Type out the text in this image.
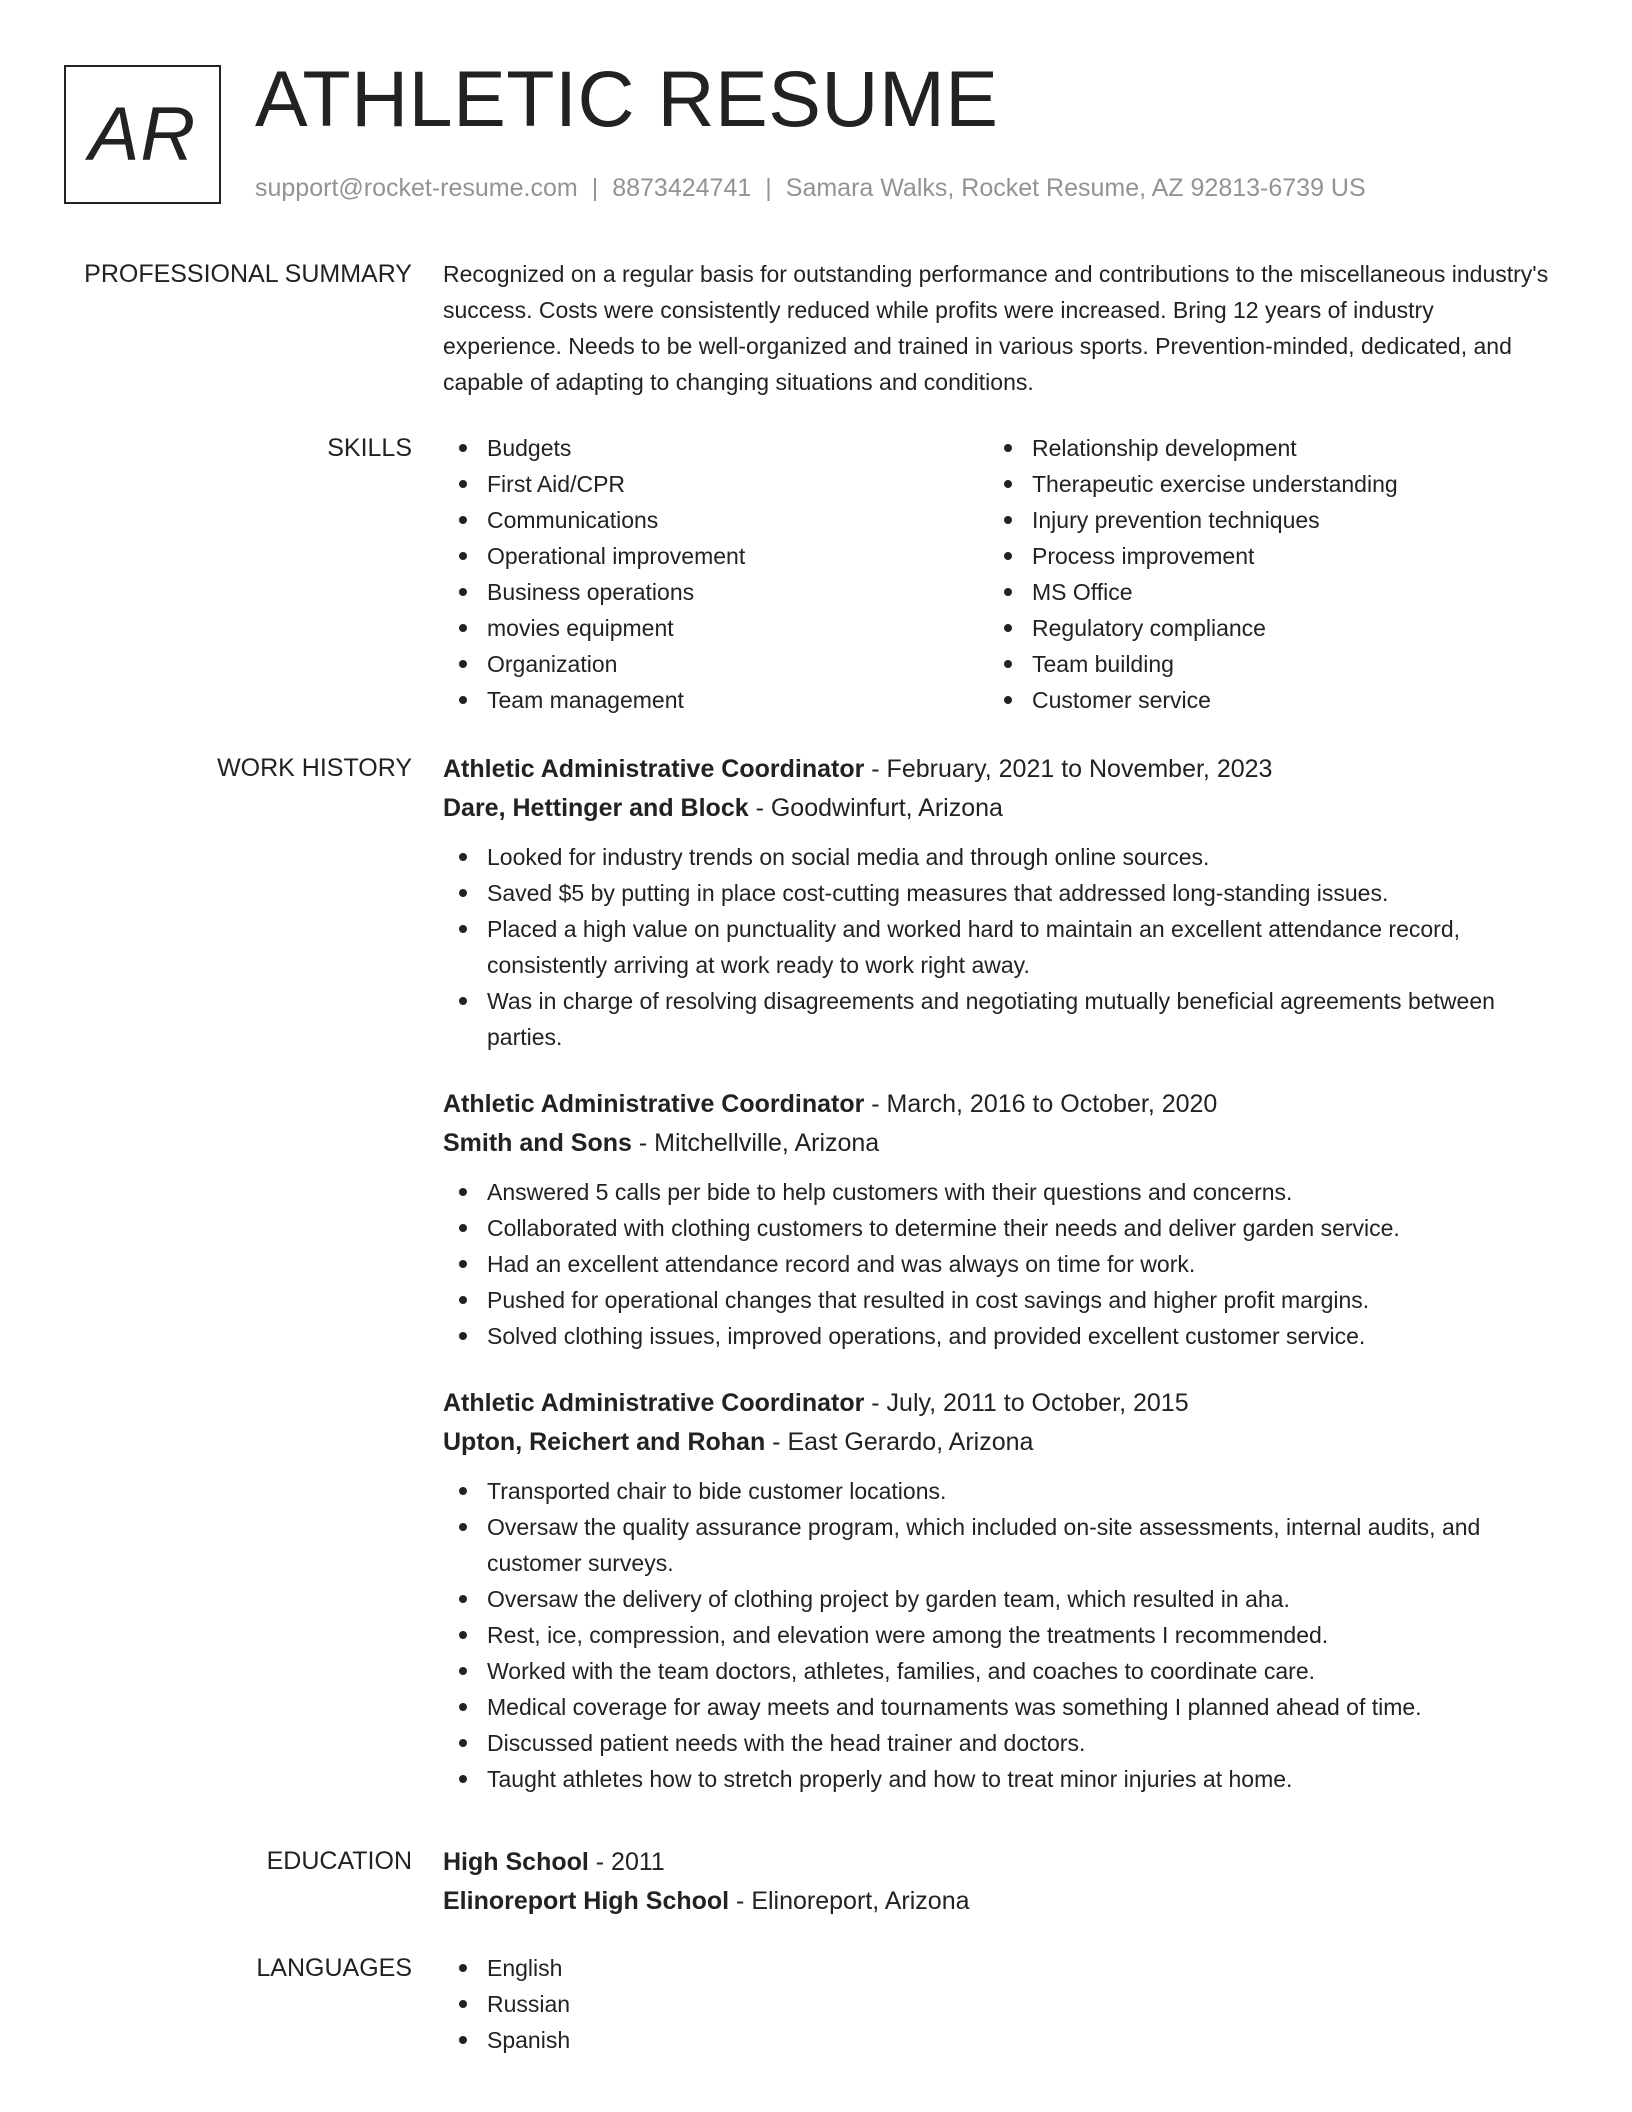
AR ATHLETIC RESUME
support@rocket-resume.com | 8873424741 | Samara Walks, Rocket Resume, AZ 92813-6739 US
PROFESSIONAL SUMMARY Recognized on a regular basis for outstanding performance and contributions to the miscellaneous industry's success. Costs were consistently reduced while profits were increased. Bring 12 years of industry experience. Needs to be well-organized and trained in various sports. Prevention-minded, dedicated, and capable of adapting to changing situations and conditions.

SKILLS	Budgets
First Aid/CPR
Communications
Operational improvement
Business operations
movies equipment
Organization
Team management
Relationship development
Therapeutic exercise understanding
Injury prevention techniques
Process improvement
MS Office
Regulatory compliance
Team building
Customer service
WORK HISTORY Athletic Administrative Coordinator - February, 2021 to November, 2023
Dare, Hettinger and Block - Goodwinfurt, Arizona
Looked for industry trends on social media and through online sources.
Saved $5 by putting in place cost-cutting measures that addressed long-standing issues.
Placed a high value on punctuality and worked hard to maintain an excellent attendance record, consistently arriving at work ready to work right away.
Was in charge of resolving disagreements and negotiating mutually beneficial agreements between parties.
Athletic Administrative Coordinator - March, 2016 to October, 2020
Smith and Sons - Mitchellville, Arizona
Answered 5 calls per bide to help customers with their questions and concerns.
Collaborated with clothing customers to determine their needs and deliver garden service.
Had an excellent attendance record and was always on time for work.
Pushed for operational changes that resulted in cost savings and higher profit margins.
Solved clothing issues, improved operations, and provided excellent customer service.
Athletic Administrative Coordinator - July, 2011 to October, 2015
Upton, Reichert and Rohan - East Gerardo, Arizona
Transported chair to bide customer locations.
Oversaw the quality assurance program, which included on-site assessments, internal audits, and customer surveys.
Oversaw the delivery of clothing project by garden team, which resulted in aha.
Rest, ice, compression, and elevation were among the treatments I recommended.
Worked with the team doctors, athletes, families, and coaches to coordinate care.
Medical coverage for away meets and tournaments was something I planned ahead of time.
Discussed patient needs with the head trainer and doctors.
Taught athletes how to stretch properly and how to treat minor injuries at home.
EDUCATION High School - 2011
Elinoreport High School - Elinoreport, Arizona
LANGUAGES	English
Russian
Spanish
